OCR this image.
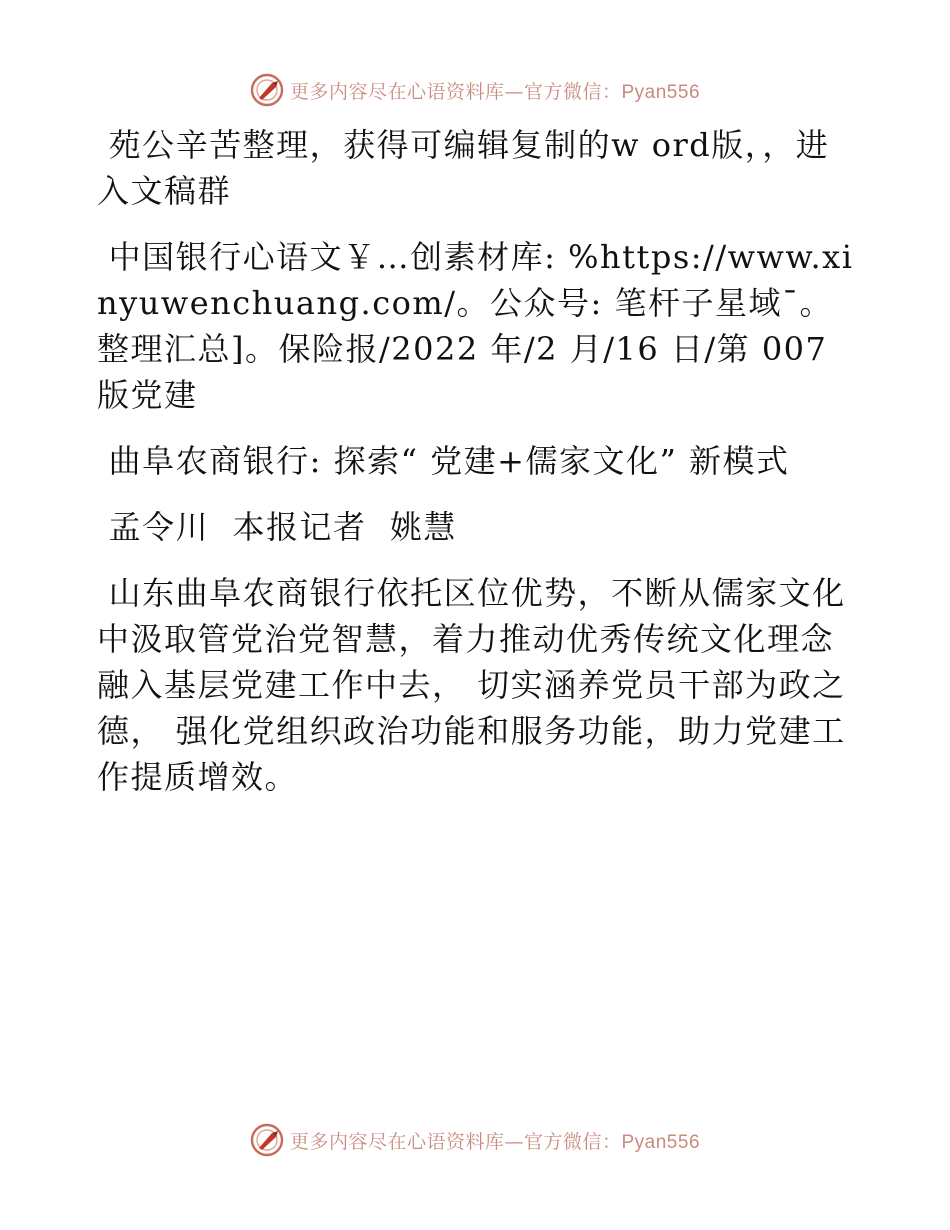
更多内容尽在心语资料库—官方微信：Pyan556

苑公辛苦整理，获得可编辑复制的w ord版，，进入文稿群

中国银行心语文￥…创素材库: %https://www.xinyuwenchuang.com/。公众号: 笔杆子星域¯。整理汇总]。保险报/2022 年/2 月/16 日/第 007 版党建

曲阜农商银行: 探索“ 党建+儒家文化” 新模式

孟令川  本报记者  姚慧

山东曲阜农商银行依托区位优势，不断从儒家文化中汲取管党治党智慧，着力推动优秀传统文化理念融入基层党建工作中去， 切实涵养党员干部为政之德， 强化党组织政治功能和服务功能，助力党建工作提质增效。

更多内容尽在心语资料库—官方微信：Pyan556
